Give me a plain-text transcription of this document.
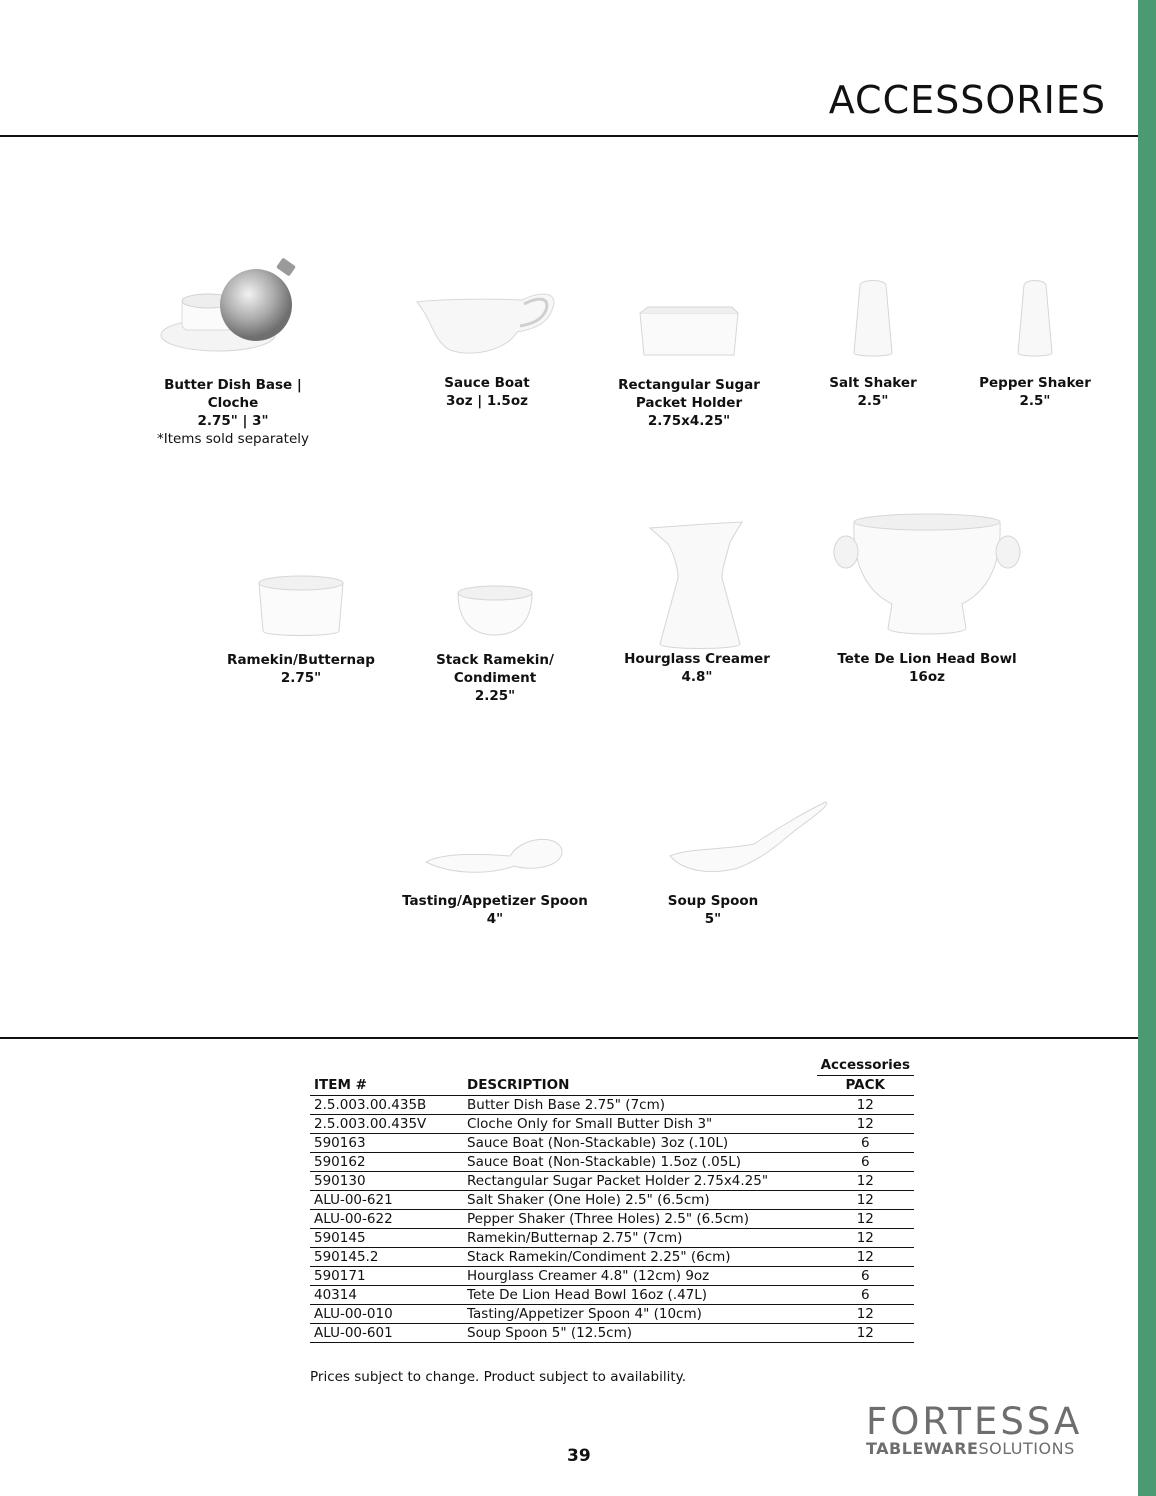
ACCESSORIES
Butter Dish Base | Cloche
2.75" | 3"
*Items sold separately
Sauce Boat
3oz | 1.5oz
Rectangular Sugar
Packet Holder
2.75x4.25"
Salt Shaker
2.5"
Pepper Shaker
2.5"
Ramekin/Butternap
2.75"
Stack Ramekin/
Condiment
2.25"
Hourglass Creamer
4.8"
Tete De Lion Head Bowl
16oz
Tasting/Appetizer Spoon
4"
Soup Spoon
5"
		Accessories
ITEM #	DESCRIPTION	PACK
2.5.003.00.435B	Butter Dish Base 2.75" (7cm)	12
2.5.003.00.435V	Cloche Only for Small Butter Dish 3"	12
590163	Sauce Boat (Non-Stackable) 3oz (.10L)	6
590162	Sauce Boat (Non-Stackable) 1.5oz (.05L)	6
590130	Rectangular Sugar Packet Holder 2.75x4.25"	12
ALU-00-621	Salt Shaker (One Hole) 2.5" (6.5cm)	12
ALU-00-622	Pepper Shaker (Three Holes) 2.5" (6.5cm)	12
590145	Ramekin/Butternap 2.75" (7cm)	12
590145.2	Stack Ramekin/Condiment 2.25" (6cm)	12
590171	Hourglass Creamer 4.8" (12cm) 9oz	6
40314	Tete De Lion Head Bowl 16oz (.47L)	6
ALU-00-010	Tasting/Appetizer Spoon 4" (10cm)	12
ALU-00-601	Soup Spoon 5" (12.5cm)	12
Prices subject to change. Product subject to availability.
39
FORTESSA
TABLEWARESOLUTIONS
